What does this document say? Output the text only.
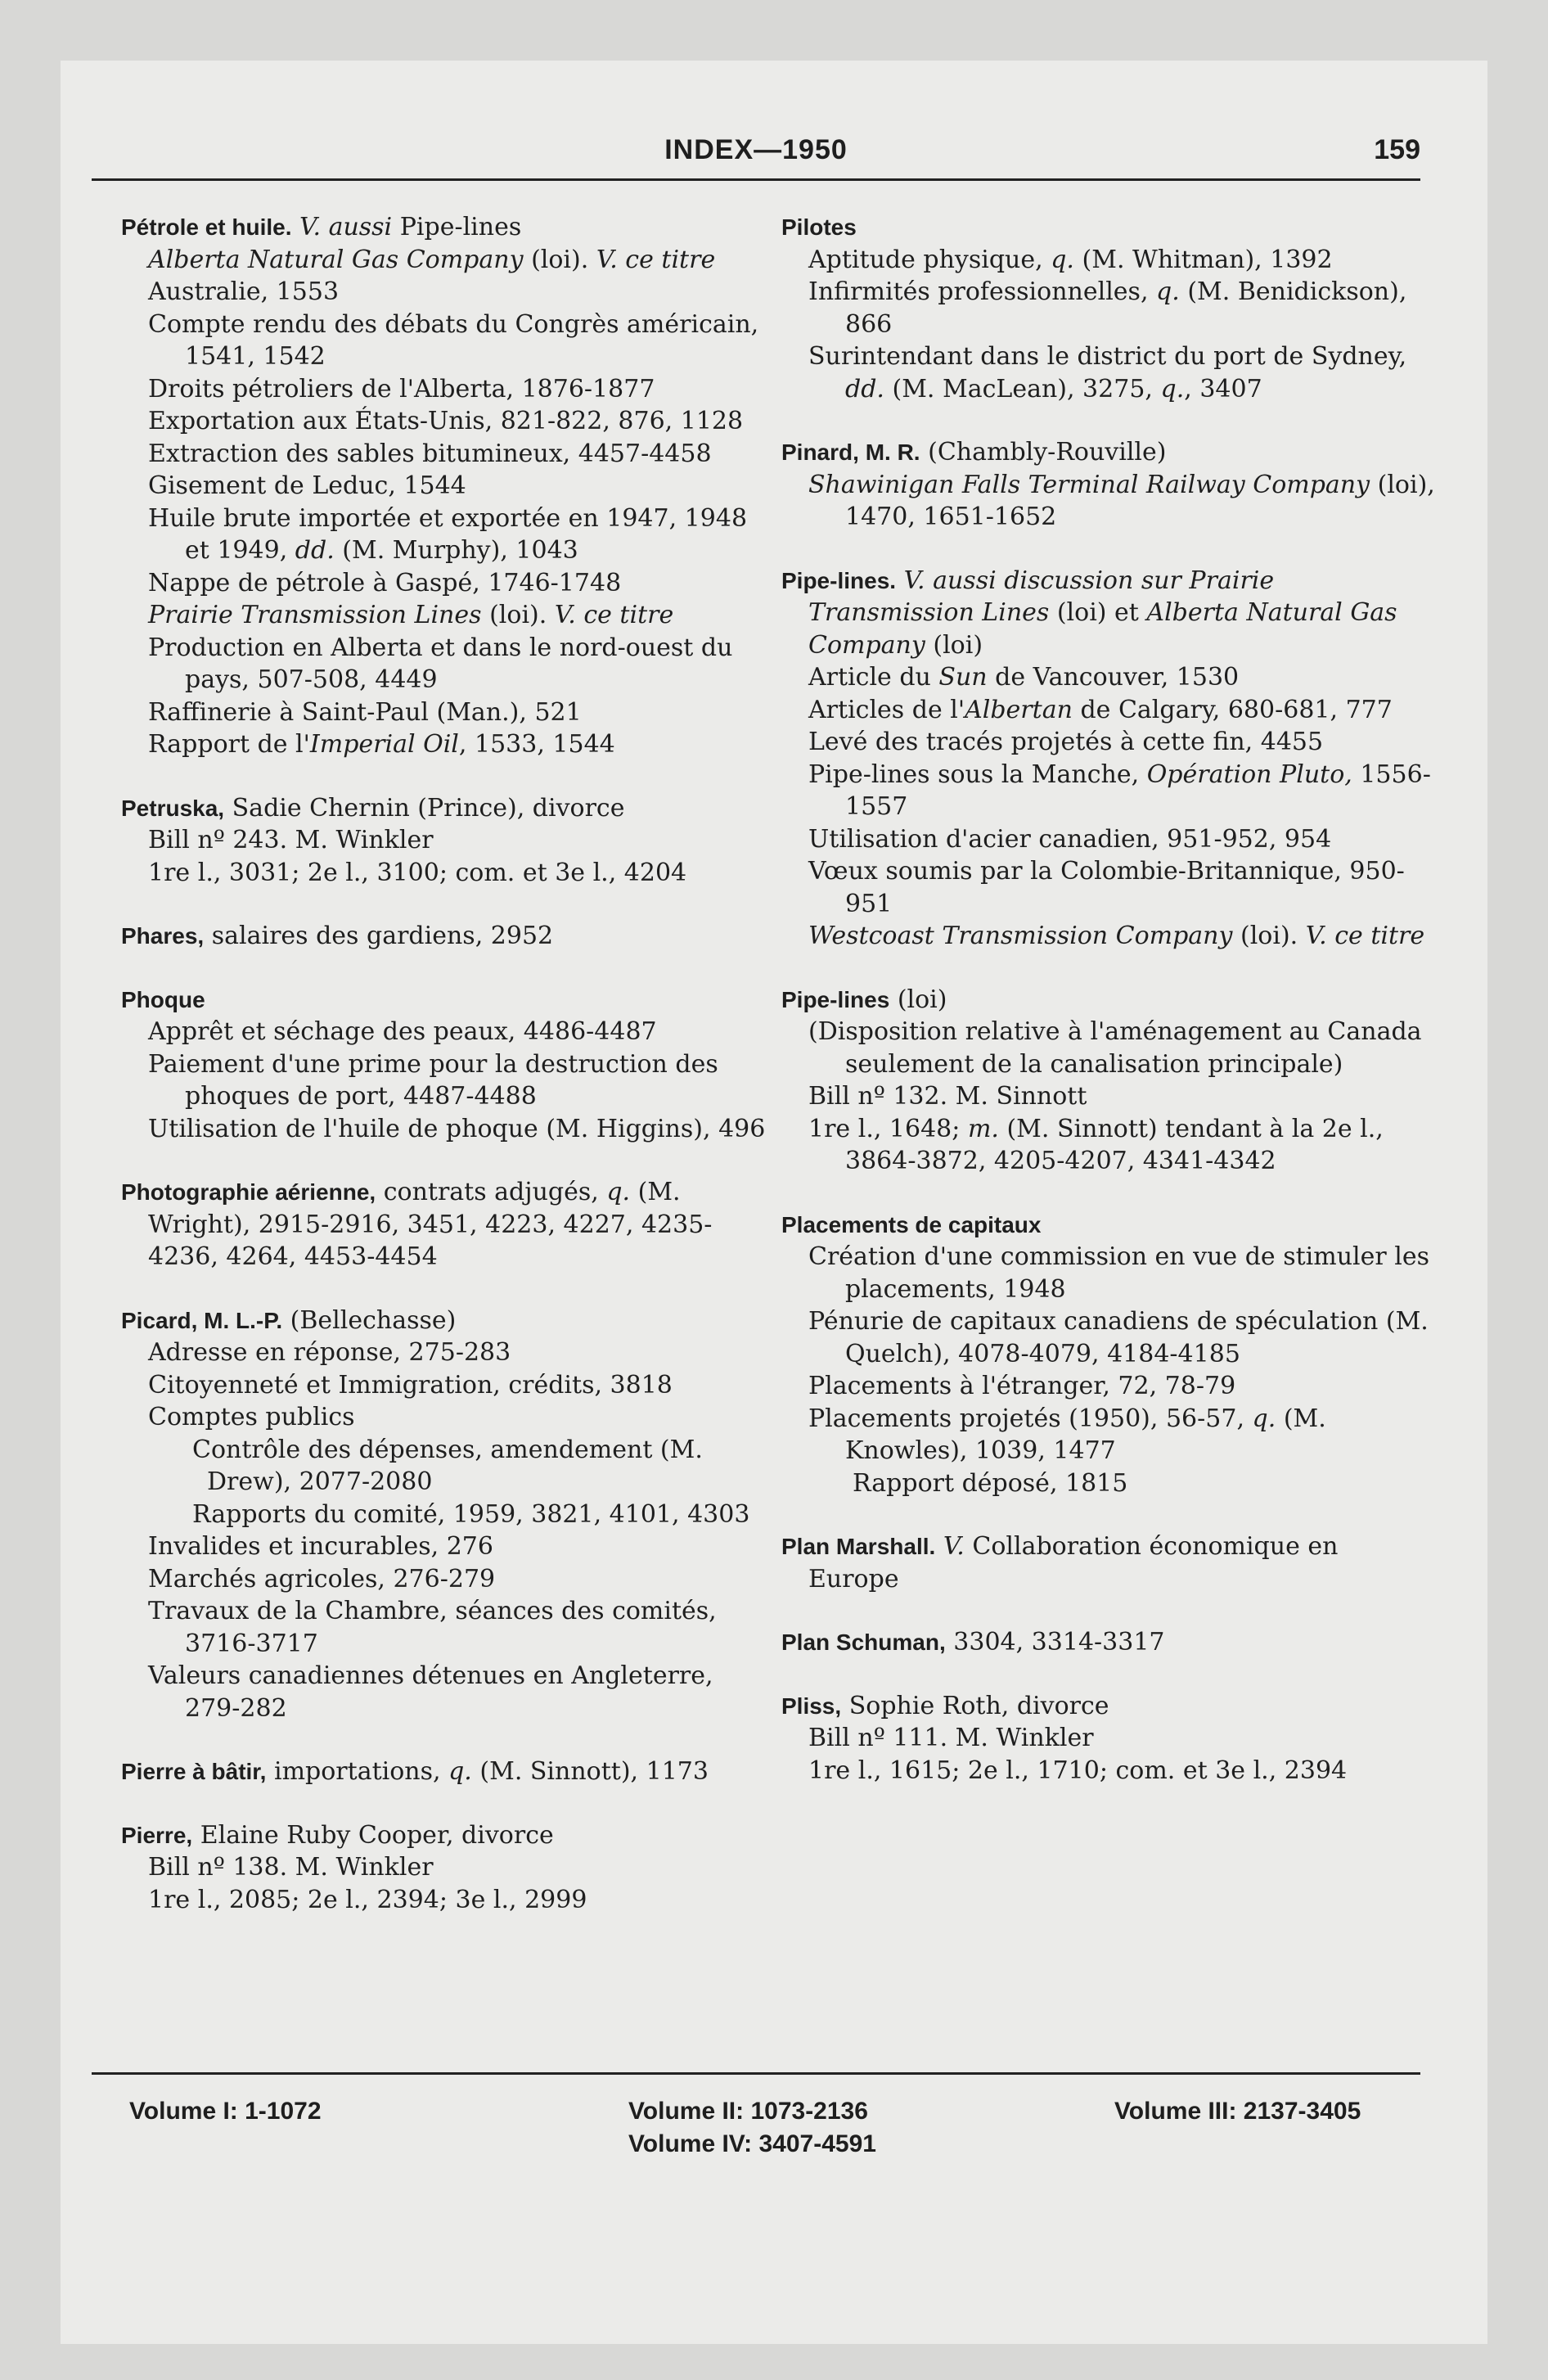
INDEX—1950	159
Pétrole et huile. V. aussi Pipe-lines
Alberta Natural Gas Company (loi). V. ce titre
Australie, 1553
Compte rendu des débats du Congrès américain, 1541, 1542
Droits pétroliers de l'Alberta, 1876-1877
Exportation aux États-Unis, 821-822, 876, 1128
Extraction des sables bitumineux, 4457-4458
Gisement de Leduc, 1544
Huile brute importée et exportée en 1947, 1948 et 1949, dd. (M. Murphy), 1043
Nappe de pétrole à Gaspé, 1746-1748
Prairie Transmission Lines (loi). V. ce titre
Production en Alberta et dans le nord-ouest du pays, 507-508, 4449
Raffinerie à Saint-Paul (Man.), 521
Rapport de l'Imperial Oil, 1533, 1544
Petruska, Sadie Chernin (Prince), divorce
Bill nº 243. M. Winkler
1re l., 3031; 2e l., 3100; com. et 3e l., 4204
Phares, salaires des gardiens, 2952
Phoque
Apprêt et séchage des peaux, 4486-4487
Paiement d'une prime pour la destruction des phoques de port, 4487-4488
Utilisation de l'huile de phoque (M. Higgins), 496
Photographie aérienne, contrats adjugés, q. (M. Wright), 2915-2916, 3451, 4223, 4227, 4235-4236, 4264, 4453-4454
Picard, M. L.-P. (Bellechasse)
Adresse en réponse, 275-283
Citoyenneté et Immigration, crédits, 3818
Comptes publics
Contrôle des dépenses, amendement (M. Drew), 2077-2080
Rapports du comité, 1959, 3821, 4101, 4303
Invalides et incurables, 276
Marchés agricoles, 276-279
Travaux de la Chambre, séances des comités, 3716-3717
Valeurs canadiennes détenues en Angleterre, 279-282
Pierre à bâtir, importations, q. (M. Sinnott), 1173
Pierre, Elaine Ruby Cooper, divorce
Bill nº 138. M. Winkler
1re l., 2085; 2e l., 2394; 3e l., 2999
Pilotes
Aptitude physique, q. (M. Whitman), 1392
Infirmités professionnelles, q. (M. Benidickson), 866
Surintendant dans le district du port de Sydney, dd. (M. MacLean), 3275, q., 3407
Pinard, M. R. (Chambly-Rouville)
Shawinigan Falls Terminal Railway Company (loi), 1470, 1651-1652
Pipe-lines. V. aussi discussion sur Prairie Transmission Lines (loi) et Alberta Natural Gas Company (loi)
Article du Sun de Vancouver, 1530
Articles de l'Albertan de Calgary, 680-681, 777
Levé des tracés projetés à cette fin, 4455
Pipe-lines sous la Manche, Opération Pluto, 1556-1557
Utilisation d'acier canadien, 951-952, 954
Vœux soumis par la Colombie-Britannique, 950-951
Westcoast Transmission Company (loi). V. ce titre
Pipe-lines (loi)
(Disposition relative à l'aménagement au Canada seulement de la canalisation principale)
Bill nº 132. M. Sinnott
1re l., 1648; m. (M. Sinnott) tendant à la 2e l., 3864-3872, 4205-4207, 4341-4342
Placements de capitaux
Création d'une commission en vue de stimuler les placements, 1948
Pénurie de capitaux canadiens de spéculation (M. Quelch), 4078-4079, 4184-4185
Placements à l'étranger, 72, 78-79
Placements projetés (1950), 56-57, q. (M. Knowles), 1039, 1477
Rapport déposé, 1815
Plan Marshall. V. Collaboration économique en Europe
Plan Schuman, 3304, 3314-3317
Pliss, Sophie Roth, divorce
Bill nº 111. M. Winkler
1re l., 1615; 2e l., 1710; com. et 3e l., 2394
Volume I: 1-1072	Volume II: 1073-2136
Volume IV: 3407-4591
Volume III: 2137-3405
